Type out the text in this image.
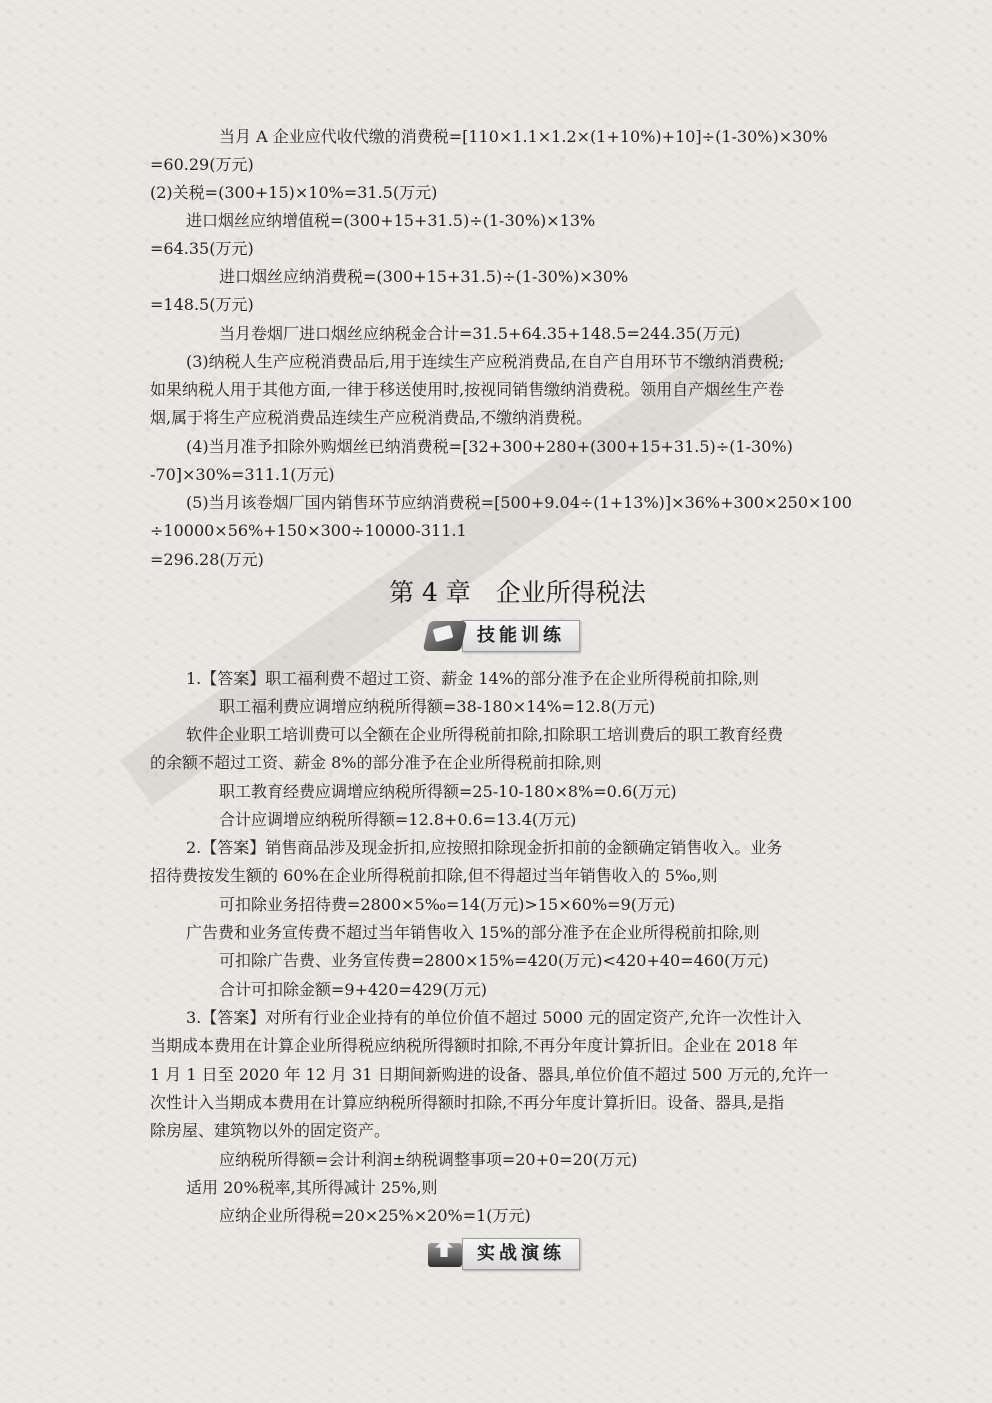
当月 A 企业应代收代缴的消费税=[110×1.1×1.2×(1+10%)+10]÷(1-30%)×30%
=60.29(万元)
(2)关税=(300+15)×10%=31.5(万元)
进口烟丝应纳增值税=(300+15+31.5)÷(1-30%)×13%
=64.35(万元)
进口烟丝应纳消费税=(300+15+31.5)÷(1-30%)×30%
=148.5(万元)
当月卷烟厂进口烟丝应纳税金合计=31.5+64.35+148.5=244.35(万元)
(3)纳税人生产应税消费品后,用于连续生产应税消费品,在自产自用环节不缴纳消费税;
如果纳税人用于其他方面,一律于移送使用时,按视同销售缴纳消费税。领用自产烟丝生产卷
烟,属于将生产应税消费品连续生产应税消费品,不缴纳消费税。
(4)当月准予扣除外购烟丝已纳消费税=[32+300+280+(300+15+31.5)÷(1-30%)
-70]×30%=311.1(万元)
(5)当月该卷烟厂国内销售环节应纳消费税=[500+9.04÷(1+13%)]×36%+300×250×100
÷10000×56%+150×300÷10000-311.1
=296.28(万元)
第 4 章　企业所得税法
技能训练
1.【答案】职工福利费不超过工资、薪金 14%的部分准予在企业所得税前扣除,则
职工福利费应调增应纳税所得额=38-180×14%=12.8(万元)
软件企业职工培训费可以全额在企业所得税前扣除,扣除职工培训费后的职工教育经费
的余额不超过工资、薪金 8%的部分准予在企业所得税前扣除,则
职工教育经费应调增应纳税所得额=25-10-180×8%=0.6(万元)
合计应调增应纳税所得额=12.8+0.6=13.4(万元)
2.【答案】销售商品涉及现金折扣,应按照扣除现金折扣前的金额确定销售收入。业务
招待费按发生额的 60%在企业所得税前扣除,但不得超过当年销售收入的 5‰,则
可扣除业务招待费=2800×5‰=14(万元)>15×60%=9(万元)
广告费和业务宣传费不超过当年销售收入 15%的部分准予在企业所得税前扣除,则
可扣除广告费、业务宣传费=2800×15%=420(万元)<420+40=460(万元)
合计可扣除金额=9+420=429(万元)
3.【答案】对所有行业企业持有的单位价值不超过 5000 元的固定资产,允许一次性计入
当期成本费用在计算企业所得税应纳税所得额时扣除,不再分年度计算折旧。企业在 2018 年
1 月 1 日至 2020 年 12 月 31 日期间新购进的设备、器具,单位价值不超过 500 万元的,允许一
次性计入当期成本费用在计算应纳税所得额时扣除,不再分年度计算折旧。设备、器具,是指
除房屋、建筑物以外的固定资产。
应纳税所得额=会计利润±纳税调整事项=20+0=20(万元)
适用 20%税率,其所得减计 25%,则
应纳企业所得税=20×25%×20%=1(万元)
实战演练
